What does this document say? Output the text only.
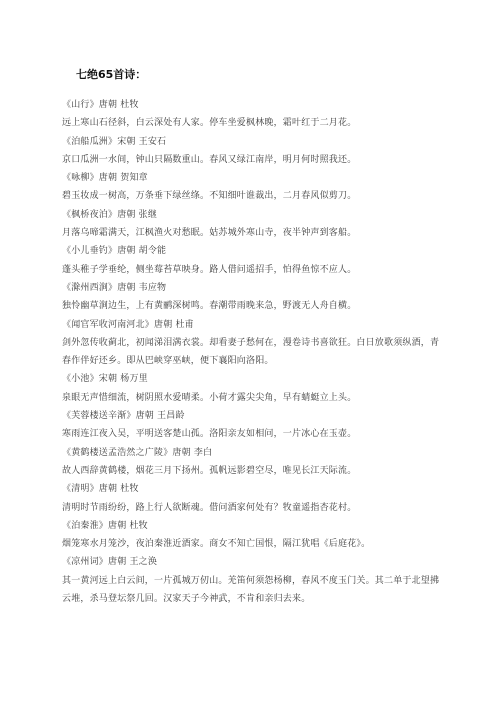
七绝65首诗：
《山行》唐朝 杜牧
远上寒山石径斜，白云深处有人家。停车坐爱枫林晚，霜叶红于二月花。
《泊船瓜洲》宋朝 王安石
京口瓜洲一水间，钟山只隔数重山。春风又绿江南岸，明月何时照我还。
《咏柳》唐朝 贺知章
碧玉妆成一树高，万条垂下绿丝绦。不知细叶谁裁出，二月春风似剪刀。
《枫桥夜泊》唐朝 张继
月落乌啼霜满天，江枫渔火对愁眠。姑苏城外寒山寺，夜半钟声到客船。
《小儿垂钓》唐朝 胡令能
蓬头稚子学垂纶，侧坐莓苔草映身。路人借问遥招手，怕得鱼惊不应人。
《滁州西涧》唐朝 韦应物
独怜幽草涧边生，上有黄鹂深树鸣。春潮带雨晚来急，野渡无人舟自横。
《闻官军收河南河北》唐朝 杜甫
剑外忽传收蓟北，初闻涕泪满衣裳。却看妻子愁何在，漫卷诗书喜欲狂。白日放歌须纵酒，青春作伴好还乡。即从巴峡穿巫峡，便下襄阳向洛阳。
《小池》宋朝 杨万里
泉眼无声惜细流，树阴照水爱晴柔。小荷才露尖尖角，早有蜻蜓立上头。
《芙蓉楼送辛渐》唐朝 王昌龄
寒雨连江夜入吴，平明送客楚山孤。洛阳亲友如相问，一片冰心在玉壶。
《黄鹤楼送孟浩然之广陵》唐朝 李白
故人西辞黄鹤楼，烟花三月下扬州。孤帆远影碧空尽，唯见长江天际流。
《清明》唐朝 杜牧
清明时节雨纷纷，路上行人欲断魂。借问酒家何处有？牧童遥指杏花村。
《泊秦淮》唐朝 杜牧
烟笼寒水月笼沙，夜泊秦淮近酒家。商女不知亡国恨，隔江犹唱《后庭花》。
《凉州词》唐朝 王之涣
其一黄河远上白云间，一片孤城万仞山。羌笛何须怨杨柳，春风不度玉门关。其二单于北望拂云堆，杀马登坛祭几回。汉家天子今神武，不肯和亲归去来。
